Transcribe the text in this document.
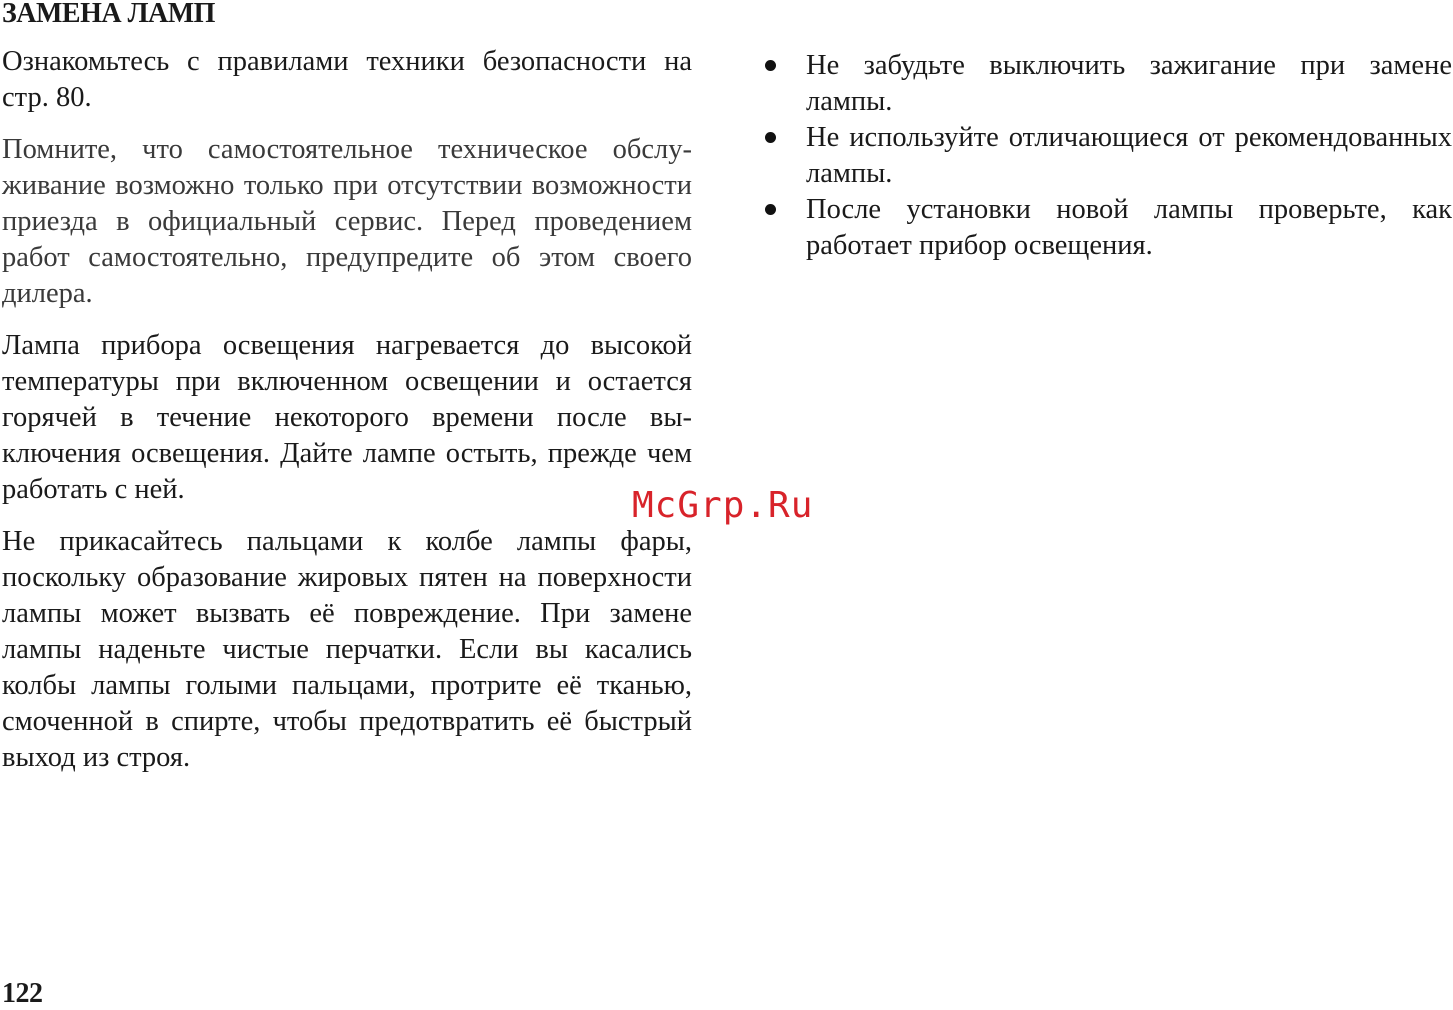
ЗАМЕНА ЛАМП

Ознакомьтесь с правилами техники безопасности на стр. 80.

Помните, что самостоятельное техническое обслуживание возможно только при отсутствии возможности приезда в официальный сервис. Перед проведением работ самостоятельно, предупредите об этом своего дилера.

Лампа прибора освещения нагревается до высокой температуры при включенном освещении и остается горячей в течение некоторого времени после выключения освещения. Дайте лампе остыть, прежде чем работать с ней.

Не прикасайтесь пальцами к колбе лампы фары, поскольку образование жировых пятен на поверхности лампы может вызвать её повреждение. При замене лампы наденьте чистые перчатки. Если вы касались колбы лампы голыми пальцами, протрите её тканью, смоченной в спирте, чтобы предотвратить её быстрый выход из строя.

Не забудьте выключить зажигание при замене лампы.
Не используйте отличающиеся от рекомендованных лампы.
После установки новой лампы проверьте, как работает прибор освещения.
McGrp.Ru
122
